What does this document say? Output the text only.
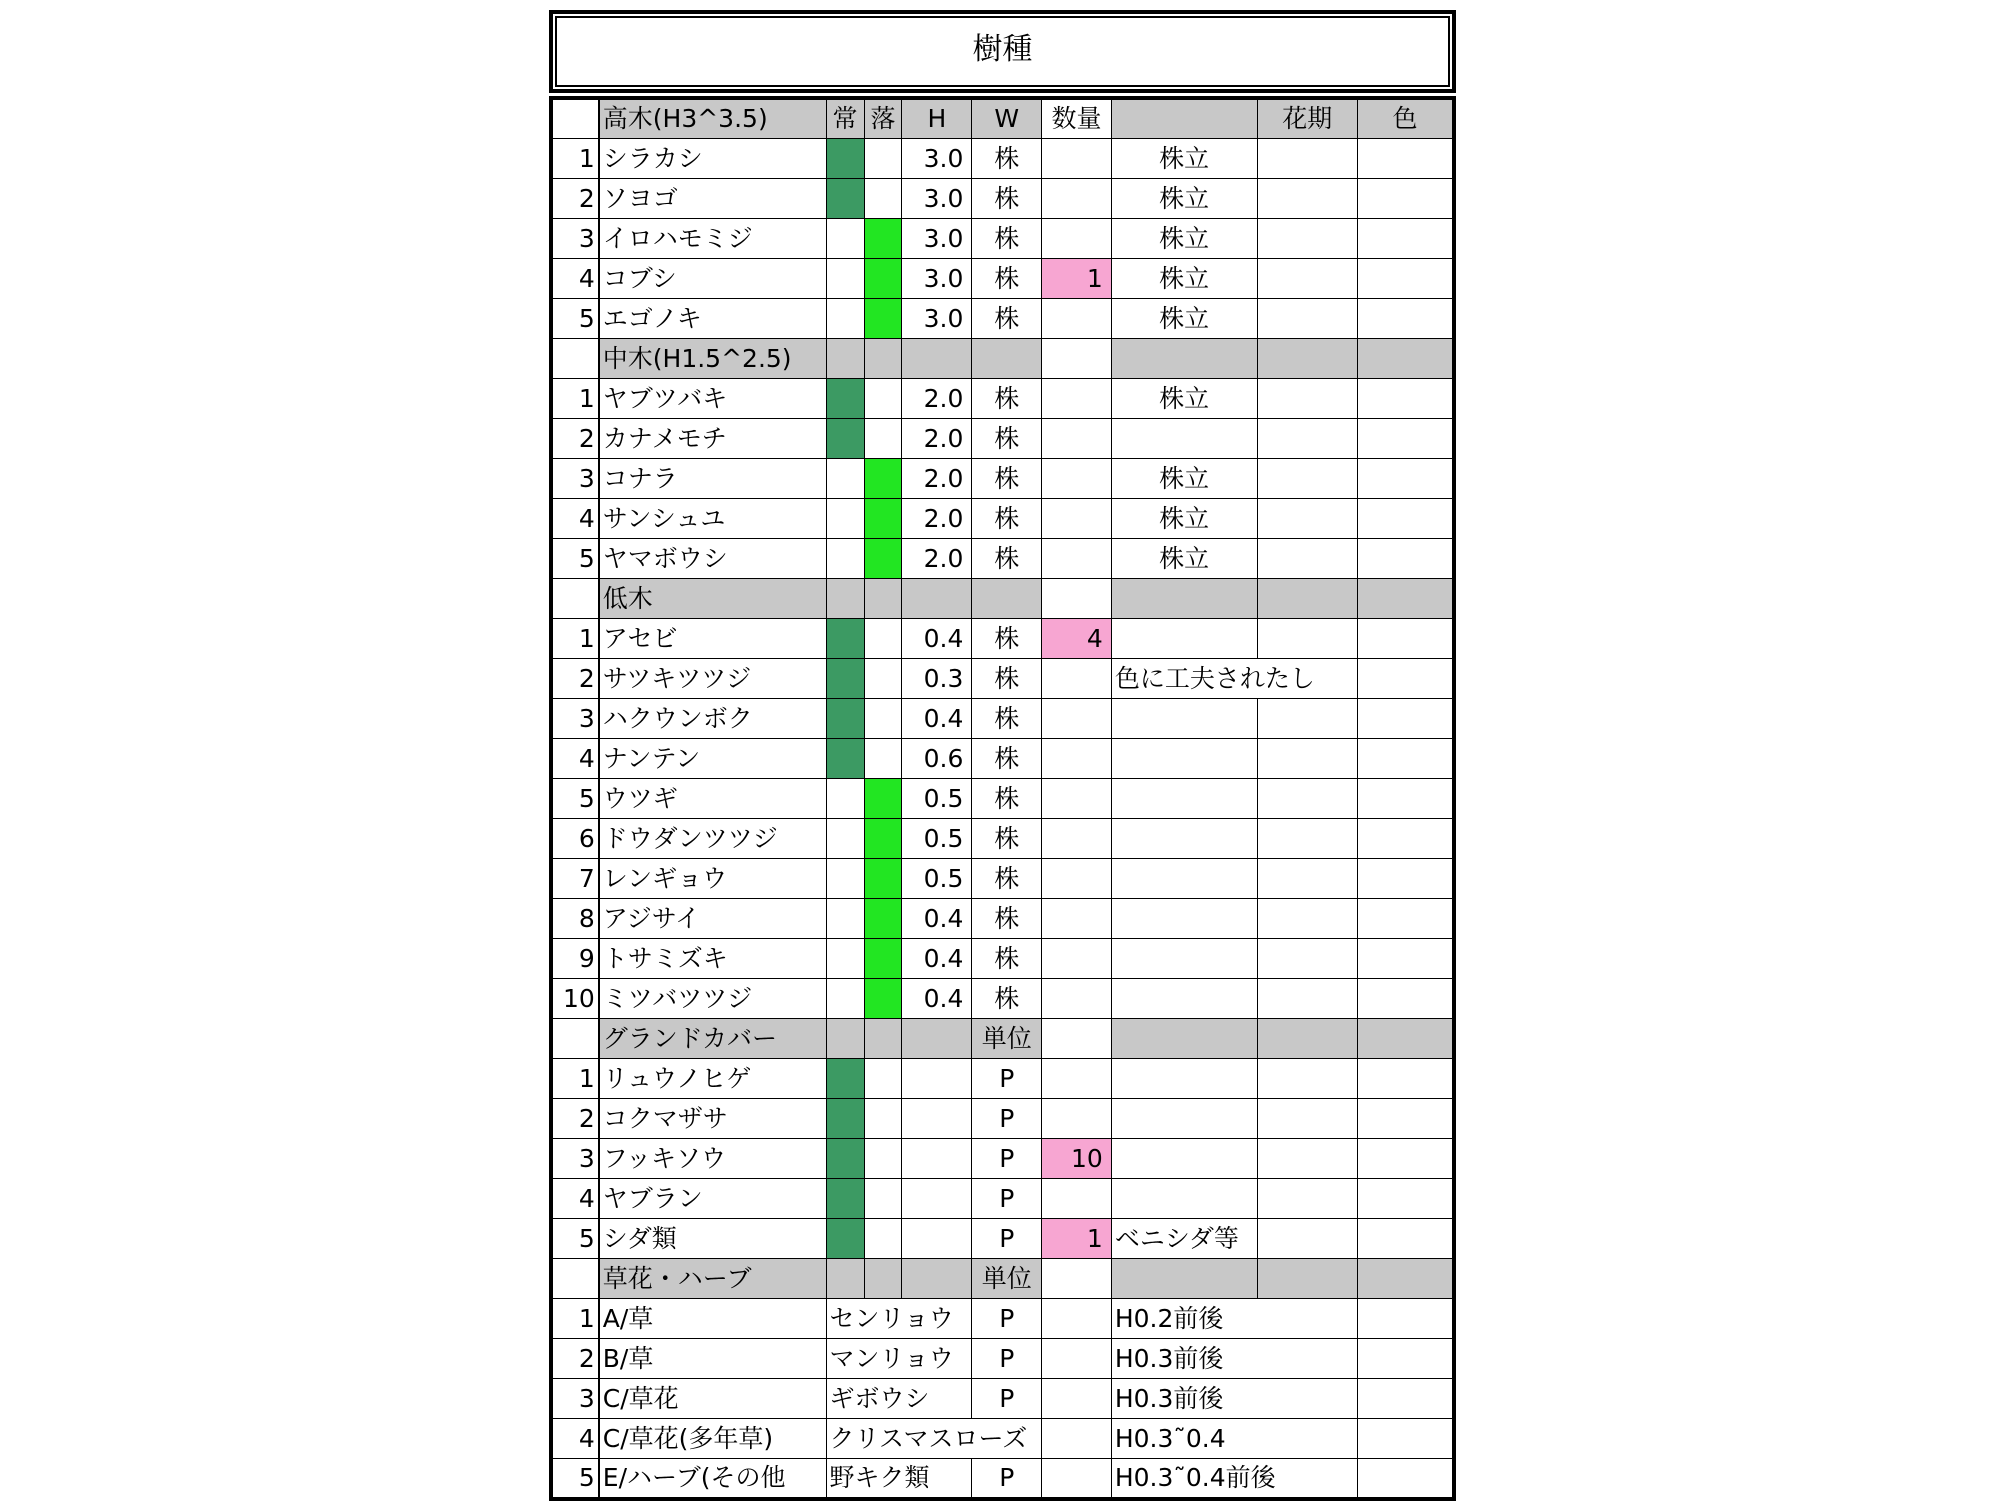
樹種
	高木(H3^3.5)	常	落	H	W	数量		花期	色
1	シラカシ			3.0	株		株立		
2	ソヨゴ			3.0	株		株立		
3	イロハモミジ			3.0	株		株立		
4	コブシ			3.0	株	1	株立		
5	エゴノキ			3.0	株		株立		
	中木(H1.5^2.5)								
1	ヤブツバキ			2.0	株		株立		
2	カナメモチ			2.0	株				
3	コナラ			2.0	株		株立		
4	サンシュユ			2.0	株		株立		
5	ヤマボウシ			2.0	株		株立		
	低木								
1	アセビ			0.4	株	4			
2	サツキツツジ			0.3	株		色に工夫されたし		
3	ハクウンボク			0.4	株				
4	ナンテン			0.6	株				
5	ウツギ			0.5	株				
6	ドウダンツツジ			0.5	株				
7	レンギョウ			0.5	株				
8	アジサイ			0.4	株				
9	トサミズキ			0.4	株				
10	ミツバツツジ			0.4	株				
	グランドカバー				単位				
1	リュウノヒゲ				P				
2	コクマザサ				P				
3	フッキソウ				P	10			
4	ヤブラン				P				
5	シダ類				P	1	ベニシダ等		
	草花・ハーブ				単位				
1	A/草	センリョウ			P		H0.2前後		
2	B/草	マンリョウ			P		H0.3前後		
3	C/草花	ギボウシ			P		H0.3前後		
4	C/草花(多年草)	クリスマスローズ					H0.3˜0.4		
5	E/ハーブ(その他	野キク類			P		H0.3˜0.4前後		
